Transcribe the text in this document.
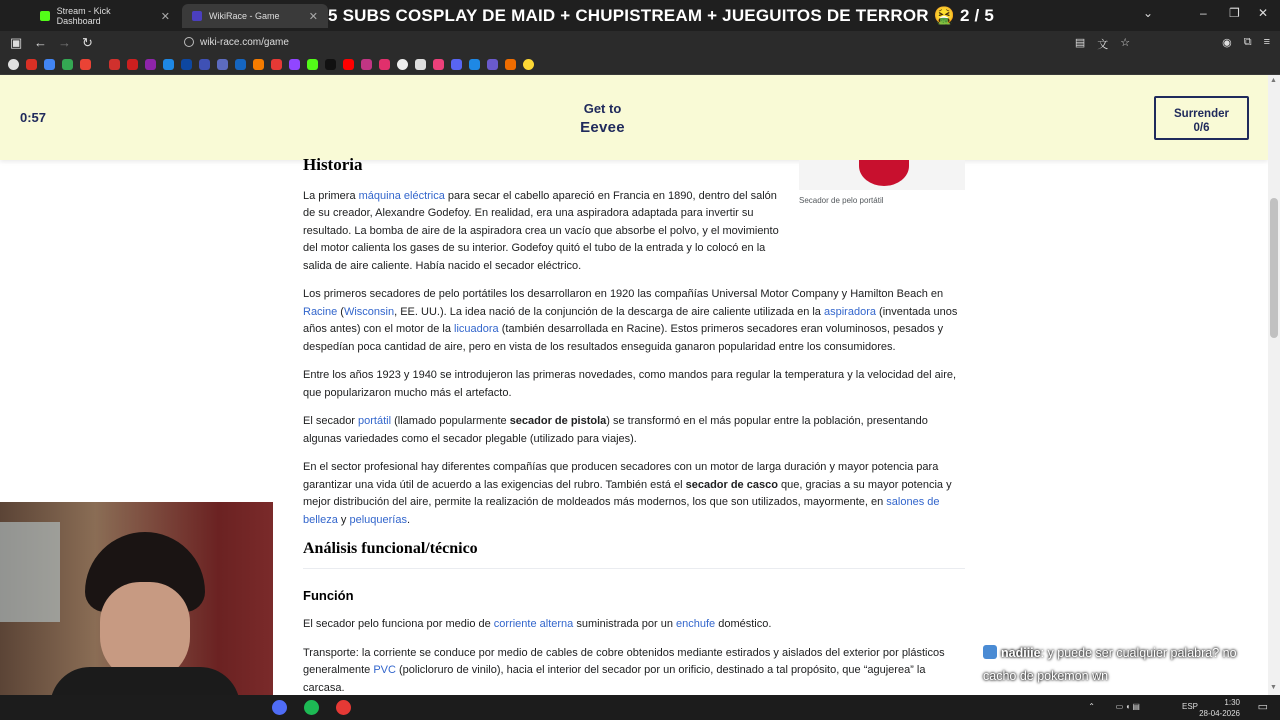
Stream - Kick Dashboard	✕	WikiRace - Game	✕ 5 SUBS COSPLAY DE MAID + CHUPISTREAM + JUEGUITOS DE TERROR 🤮 2 / 5	⌄	– ❐ ✕
▣ ← → ↻	wiki-race.com/game	▤ 文 ☆	◉ ⧉ ≡
0:57
Get to
Eevee
Surrender
0/6
▲
▼
Secador de pelo portátil
Historia

La primera máquina eléctrica para secar el cabello apareció en Francia en 1890, dentro del salón de su creador, Alexandre Godefoy. En realidad, era una aspiradora adaptada para invertir su resultado. La bomba de aire de la aspiradora crea un vacío que absorbe el polvo, y el movimiento del motor calienta los gases de su interior. Godefoy quitó el tubo de la entrada y lo colocó en la salida de aire caliente. Había nacido el secador eléctrico.

Los primeros secadores de pelo portátiles los desarrollaron en 1920 las compañías Universal Motor Company y Hamilton Beach en Racine (Wisconsin, EE. UU.). La idea nació de la conjunción de la descarga de aire caliente utilizada en la aspiradora (inventada unos años antes) con el motor de la licuadora (también desarrollada en Racine). Estos primeros secadores eran voluminosos, pesados y despedían poca cantidad de aire, pero en vista de los resultados enseguida ganaron popularidad entre los consumidores.

Entre los años 1923 y 1940 se introdujeron las primeras novedades, como mandos para regular la temperatura y la velocidad del aire, que popularizaron mucho más el artefacto.

El secador portátil (llamado popularmente secador de pistola) se transformó en el más popular entre la población, presentando algunas variedades como el secador plegable (utilizado para viajes).

En el sector profesional hay diferentes compañías que producen secadores con un motor de larga duración y mayor potencia para garantizar una vida útil de acuerdo a las exigencias del rubro. También está el secador de casco que, gracias a su mayor potencia y mejor distribución del aire, permite la realización de moldeados más modernos, los que son utilizados, mayormente, en salones de belleza y peluquerías.

Análisis funcional/técnico
Función

El secador pelo funciona por medio de corriente alterna suministrada por un enchufe doméstico.

Transporte: la corriente se conduce por medio de cables de cobre obtenidos mediante estirados y aislados del exterior por plásticos generalmente PVC (policloruro de vinilo), hacia el interior del secador por un orificio, destinado a tal propósito, que “agujerea” la carcasa.

nadiiie: y puede ser cualquier palabra? no cacho de pokemon wn
⌃	▭ ◖ ▤	ESP	1:30
28-04-2026
▭
